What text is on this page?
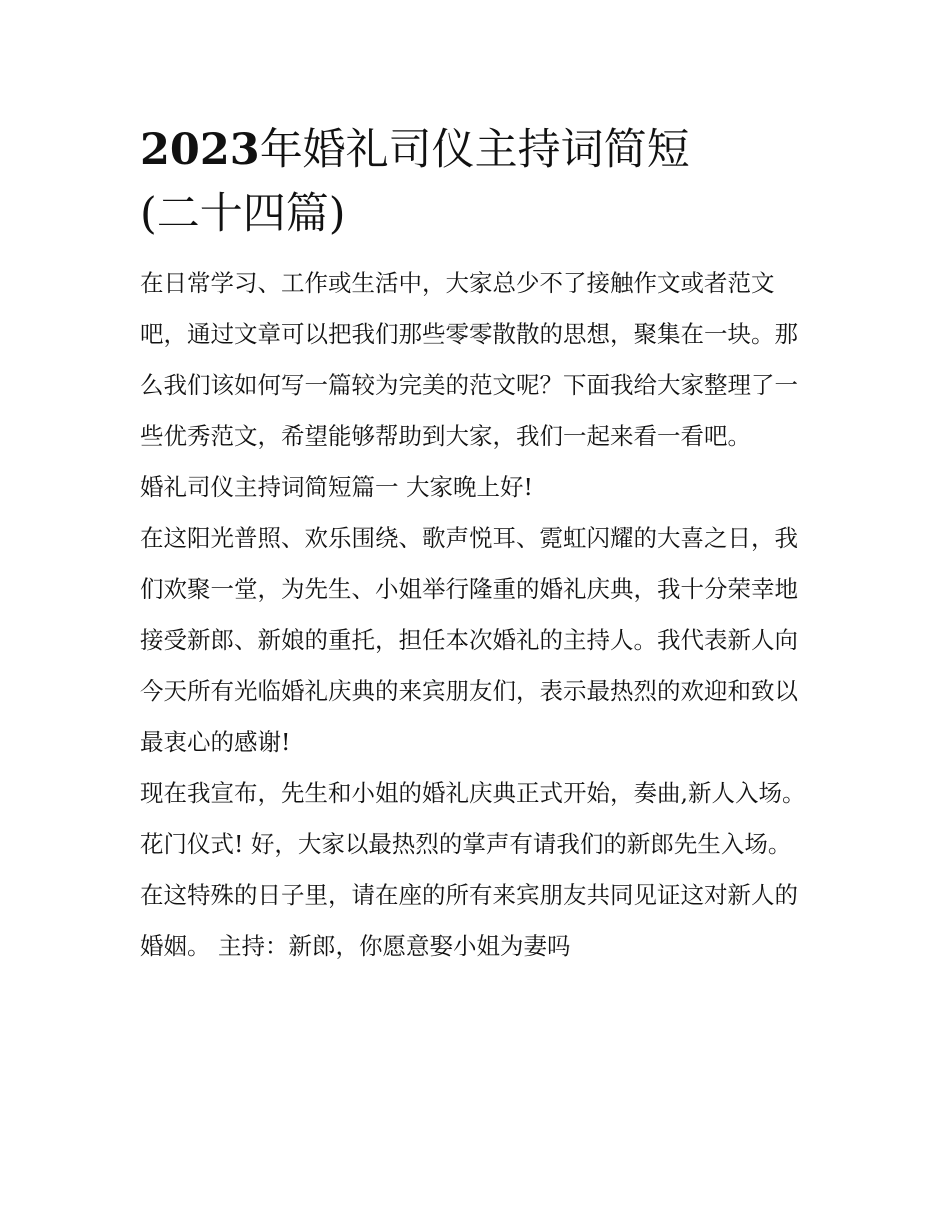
2023年婚礼司仪主持词简短
(二十四篇)

在日常学习、工作或生活中，大家总少不了接触作文或者范文吧，通过文章可以把我们那些零零散散的思想，聚集在一块。那么我们该如何写一篇较为完美的范文呢？下面我给大家整理了一些优秀范文，希望能够帮助到大家，我们一起来看一看吧。

婚礼司仪主持词简短篇一 大家晚上好!

在这阳光普照、欢乐围绕、歌声悦耳、霓虹闪耀的大喜之日，我们欢聚一堂，为先生、小姐举行隆重的婚礼庆典，我十分荣幸地接受新郎、新娘的重托，担任本次婚礼的主持人。我代表新人向今天所有光临婚礼庆典的来宾朋友们，表示最热烈的欢迎和致以最衷心的感谢!

现在我宣布，先生和小姐的婚礼庆典正式开始，奏曲,新人入场。 花门仪式! 好，大家以最热烈的掌声有请我们的新郎先生入场。

在这特殊的日子里，请在座的所有来宾朋友共同见证这对新人的婚姻。 主持：新郎，你愿意娶小姐为妻吗
